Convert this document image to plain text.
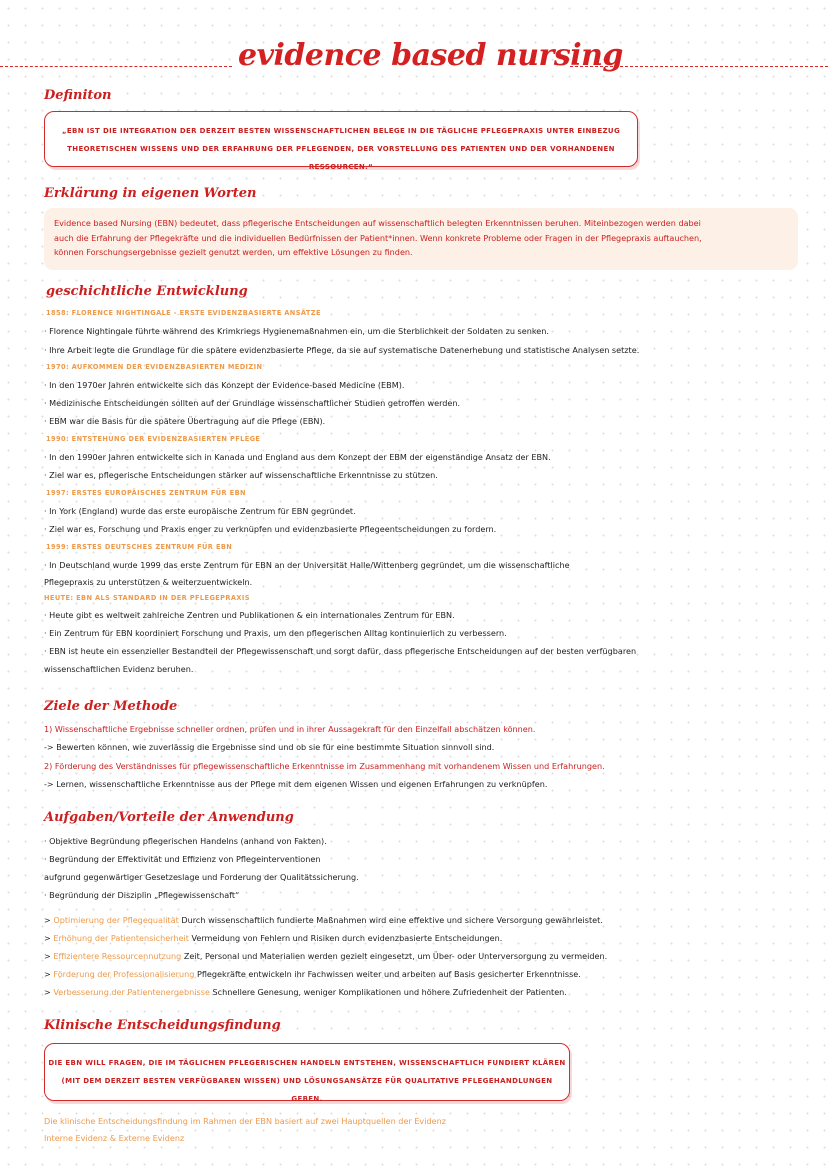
evidence based nursing
Definiton
„EBN IST DIE INTEGRATION DER DERZEIT BESTEN WISSENSCHAFTLICHEN BELEGE IN DIE TÄGLICHE PFLEGEPRAXIS UNTER EINBEZUG
THEORETISCHEN WISSENS UND DER ERFAHRUNG DER PFLEGENDEN, DER VORSTELLUNG DES PATIENTEN UND DER VORHANDENEN RESSOURCEN.“
Erklärung in eigenen Worten
Evidence based Nursing (EBN) bedeutet, dass pflegerische Entscheidungen auf wissenschaftlich belegten Erkenntnissen beruhen. Miteinbezogen werden dabei
auch die Erfahrung der Pflegekräfte und die individuellen Bedürfnissen der Patient*innen. Wenn konkrete Probleme oder Fragen in der Pflegepraxis auftauchen,
können Forschungsergebnisse gezielt genutzt werden, um effektive Lösungen zu finden.
geschichtliche Entwicklung
1858: FLORENCE NIGHTINGALE - ERSTE EVIDENZBASIERTE ANSÄTZE
· Florence Nightingale führte während des Krimkriegs Hygienemaßnahmen ein, um die Sterblichkeit der Soldaten zu senken.
· Ihre Arbeit legte die Grundlage für die spätere evidenzbasierte Pflege, da sie auf systematische Datenerhebung und statistische Analysen setzte.
1970: AUFKOMMEN DER EVIDENZBASIERTEN MEDIZIN
· In den 1970er Jahren entwickelte sich das Konzept der Evidence-based Medicine (EBM).
· Medizinische Entscheidungen sollten auf der Grundlage wissenschaftlicher Studien getroffen werden.
· EBM war die Basis für die spätere Übertragung auf die Pflege (EBN).
1990: ENTSTEHUNG DER EVIDENZBASIERTEN PFLEGE
· In den 1990er Jahren entwickelte sich in Kanada und England aus dem Konzept der EBM der eigenständige Ansatz der EBN.
· Ziel war es, pflegerische Entscheidungen stärker auf wissenschaftliche Erkenntnisse zu stützen.
1997: ERSTES EUROPÄISCHES ZENTRUM FÜR EBN
· In York (England) wurde das erste europäische Zentrum für EBN gegründet.
· Ziel war es, Forschung und Praxis enger zu verknüpfen und evidenzbasierte Pflegeentscheidungen zu fordern.
1999: ERSTES DEUTSCHES ZENTRUM FÜR EBN
· In Deutschland wurde 1999 das erste Zentrum für EBN an der Universität Halle/Wittenberg gegründet, um die wissenschaftliche
Pflegepraxis zu unterstützen & weiterzuentwickeln.
HEUTE: EBN ALS STANDARD IN DER PFLEGEPRAXIS
· Heute gibt es weltweit zahlreiche Zentren und Publikationen & ein internationales Zentrum für EBN.
· Ein Zentrum für EBN koordiniert Forschung und Praxis, um den pflegerischen Alltag kontinuierlich zu verbessern.
· EBN ist heute ein essenzieller Bestandteil der Pflegewissenschaft und sorgt dafür, dass pflegerische Entscheidungen auf der besten verfügbaren
wissenschaftlichen Evidenz beruhen.
Ziele der Methode
1) Wissenschaftliche Ergebnisse schneller ordnen, prüfen und in ihrer Aussagekraft für den Einzelfall abschätzen können.
-> Bewerten können, wie zuverlässig die Ergebnisse sind und ob sie für eine bestimmte Situation sinnvoll sind.
2) Förderung des Verständnisses für pflegewissenschaftliche Erkenntnisse im Zusammenhang mit vorhandenem Wissen und Erfahrungen.
-> Lernen, wissenschaftliche Erkenntnisse aus der Pflege mit dem eigenen Wissen und eigenen Erfahrungen zu verknüpfen.
Aufgaben/Vorteile der Anwendung
· Objektive Begründung pflegerischen Handelns (anhand von Fakten).
· Begründung der Effektivität und Effizienz von Pflegeinterventionen
aufgrund gegenwärtiger Gesetzeslage und Forderung der Qualitätssicherung.
· Begründung der Disziplin „Pflegewissenschaft“
> Optimierung der Pflegequalität Durch wissenschaftlich fundierte Maßnahmen wird eine effektive und sichere Versorgung gewährleistet.
> Erhöhung der Patientensicherheit Vermeidung von Fehlern und Risiken durch evidenzbasierte Entscheidungen.
> Effizientere Ressourcennutzung Zeit, Personal und Materialien werden gezielt eingesetzt, um Über- oder Unterversorgung zu vermeiden.
> Förderung der Professionalisierung Pflegekräfte entwickeln ihr Fachwissen weiter und arbeiten auf Basis gesicherter Erkenntnisse.
> Verbesserung der Patientenergebnisse Schnellere Genesung, weniger Komplikationen und höhere Zufriedenheit der Patienten.
Klinische Entscheidungsfindung
DIE EBN WILL FRAGEN, DIE IM TÄGLICHEN PFLEGERISCHEN HANDELN ENTSTEHEN, WISSENSCHAFTLICH FUNDIERT KLÄREN
(MIT DEM DERZEIT BESTEN VERFÜGBAREN WISSEN) UND LÖSUNGSANSÄTZE FÜR QUALITATIVE PFLEGEHANDLUNGEN GEBEN.
Die klinische Entscheidungsfindung im Rahmen der EBN basiert auf zwei Hauptquellen der Evidenz
Interne Evidenz & Externe Evidenz
